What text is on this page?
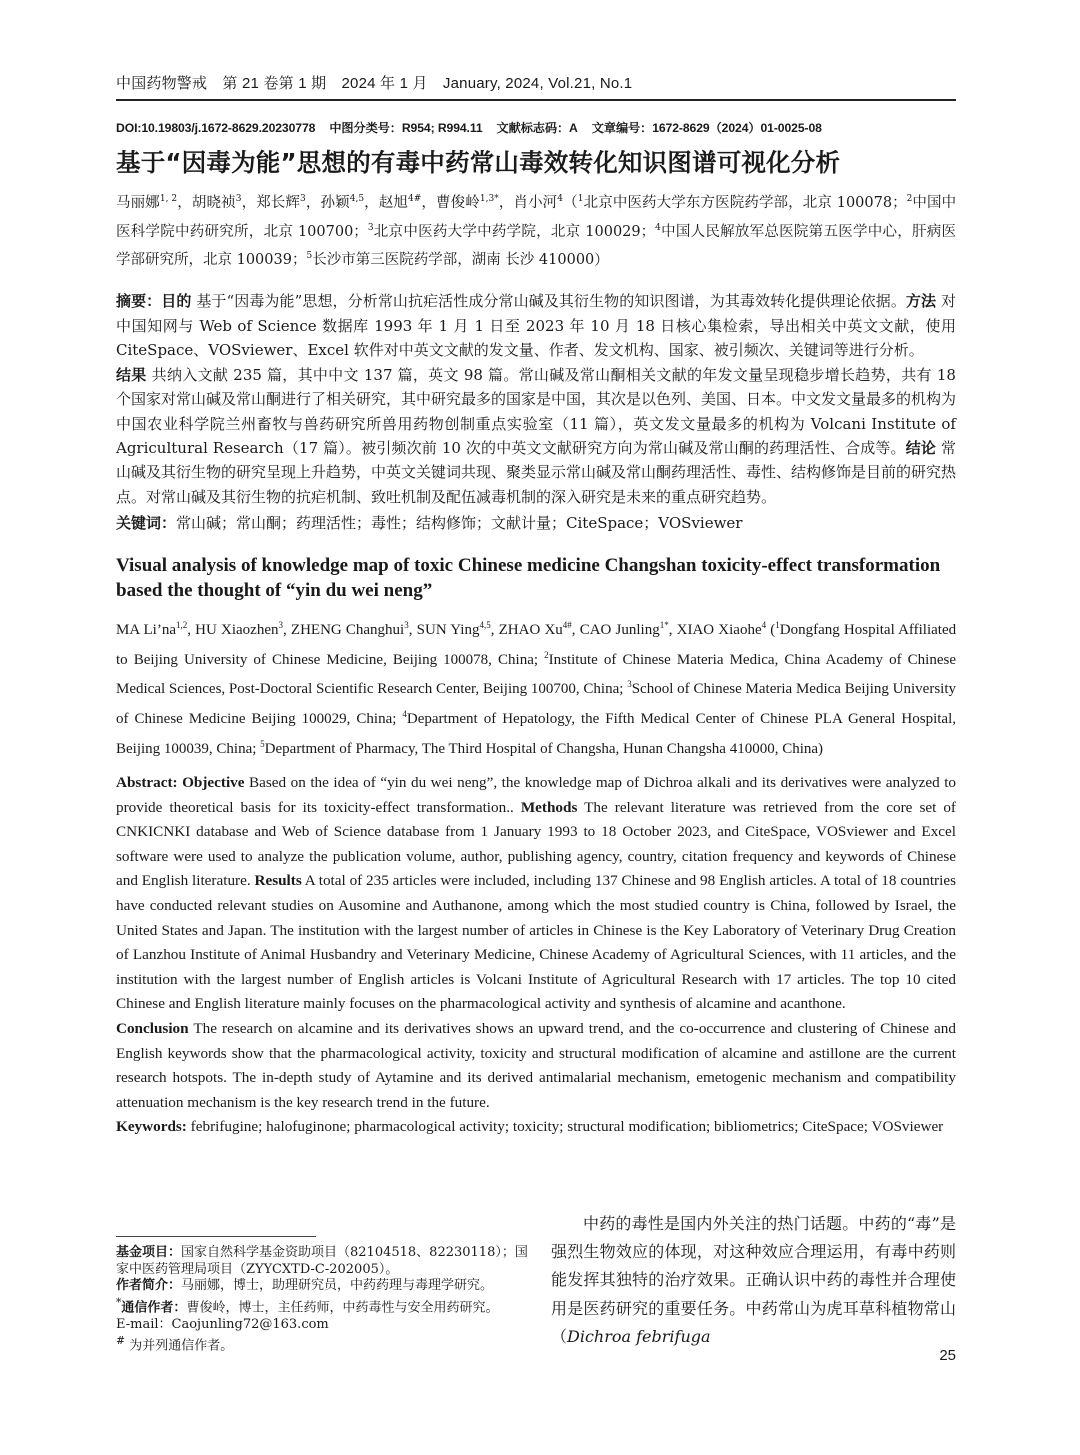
中国药物警戒　第 21 卷第 1 期　2024 年 1 月　January, 2024, Vol.21, No.1
DOI:10.19803/j.1672-8629.20230778 中图分类号：R954; R994.11 文献标志码：A 文章编号：1672-8629（2024）01-0025-08
基于“因毒为能”思想的有毒中药常山毒效转化知识图谱可视化分析
马丽娜$^{1, 2}$，胡晓祯$^3$，郑长辉$^3$，孙颖$^{4,5}$，赵旭$^{4\#}$，曹俊岭$^{1,3*}$，肖小河$^4$（$^1$北京中医药大学东方医院药学部，北京 100078；$^2$中国中医科学院中药研究所，北京 100700；$^3$北京中医药大学中药学院，北京 100029；$^4$中国人民解放军总医院第五医学中心，肝病医学部研究所，北京 100039；$^5$长沙市第三医院药学部，湖南 长沙 410000）
摘要：目的 基于“因毒为能”思想，分析常山抗疟活性成分常山碱及其衍生物的知识图谱，为其毒效转化提供理论依据。方法 对中国知网与 Web of Science 数据库 1993 年 1 月 1 日至 2023 年 10 月 18 日核心集检索，导出相关中英文文献，使用 CiteSpace、VOSviewer、Excel 软件对中英文文献的发文量、作者、发文机构、国家、被引频次、关键词等进行分析。
结果 共纳入文献 235 篇，其中中文 137 篇，英文 98 篇。常山碱及常山酮相关文献的年发文量呈现稳步增长趋势，共有 18 个国家对常山碱及常山酮进行了相关研究，其中研究最多的国家是中国，其次是以色列、美国、日本。中文发文量最多的机构为中国农业科学院兰州畜牧与兽药研究所兽用药物创制重点实验室（11 篇），英文发文量最多的机构为 Volcani Institute of Agricultural Research（17 篇）。被引频次前 10 次的中英文文献研究方向为常山碱及常山酮的药理活性、合成等。结论 常山碱及其衍生物的研究呈现上升趋势，中英文关键词共现、聚类显示常山碱及常山酮药理活性、毒性、结构修饰是目前的研究热点。对常山碱及其衍生物的抗疟机制、致吐机制及配伍减毒机制的深入研究是未来的重点研究趋势。
关键词：常山碱；常山酮；药理活性；毒性；结构修饰；文献计量；CiteSpace；VOSviewer
Visual analysis of knowledge map of toxic Chinese medicine Changshan toxicity-effect transformation based the thought of “yin du wei neng”
MA Li’na$^{1,2}$, HU Xiaozhen$^3$, ZHENG Changhui$^3$, SUN Ying$^{4,5}$, ZHAO $Xu^{4\#}$, CAO Junling$^{1*}$, XIAO Xiaohe$^4$ ($^1$Dongfang Hospital Affiliated to Beijing University of Chinese Medicine, Beijing 100078, China; $^2$Institute of Chinese Materia Medica, China Academy of Chinese Medical Sciences, Post-Doctoral Scientific Research Center, Beijing 100700, China; $^3$School of Chinese Materia Medica Beijing University of Chinese Medicine Beijing 100029, China; $^4$Department of Hepatology, the Fifth Medical Center of Chinese PLA General Hospital, Beijing 100039, China; $^5$Department of Pharmacy, The Third Hospital of Changsha, Hunan Changsha 410000, China)
Abstract: Objective Based on the idea of “yin du wei neng”, the knowledge map of Dichroa alkali and its derivatives were analyzed to provide theoretical basis for its toxicity-effect transformation.. Methods The relevant literature was retrieved from the core set of CNKICNKI database and Web of Science database from 1 January 1993 to 18 October 2023, and CiteSpace, VOSviewer and Excel software were used to analyze the publication volume, author, publishing agency, country, citation frequency and keywords of Chinese and English literature. Results A total of 235 articles were included, including 137 Chinese and 98 English articles. A total of 18 countries have conducted relevant studies on Ausomine and Authanone, among which the most studied country is China, followed by Israel, the United States and Japan. The institution with the largest number of articles in Chinese is the Key Laboratory of Veterinary Drug Creation of Lanzhou Institute of Animal Husbandry and Veterinary Medicine, Chinese Academy of Agricultural Sciences, with 11 articles, and the institution with the largest number of English articles is Volcani Institute of Agricultural Research with 17 articles. The top 10 cited Chinese and English literature mainly focuses on the pharmacological activity and synthesis of alcamine and acanthone.
Conclusion The research on alcamine and its derivatives shows an upward trend, and the co-occurrence and clustering of Chinese and English keywords show that the pharmacological activity, toxicity and structural modification of alcamine and astillone are the current research hotspots. The in-depth study of Aytamine and its derived antimalarial mechanism, emetogenic mechanism and compatibility attenuation mechanism is the key research trend in the future.
Keywords: febrifugine; halofuginone; pharmacological activity; toxicity; structural modification; bibliometrics; CiteSpace; VOSviewer
基金项目：国家自然科学基金资助项目（82104518、82230118）；国家中医药管理局项目（ZYYCXTD-C-202005）。
作者简介：马丽娜，博士，助理研究员，中药药理与毒理学研究。
*通信作者：曹俊岭，博士，主任药师，中药毒性与安全用药研究。
E-mail：Caojunling72@163.com
# 为并列通信作者。
中药的毒性是国内外关注的热门话题。中药的“毒”是强烈生物效应的体现，对这种效应合理运用，有毒中药则能发挥其独特的治疗效果。正确认识中药的毒性并合理使用是医药研究的重要任务。中药常山为虎耳草科植物常山（Dichroa febrifuga
25
